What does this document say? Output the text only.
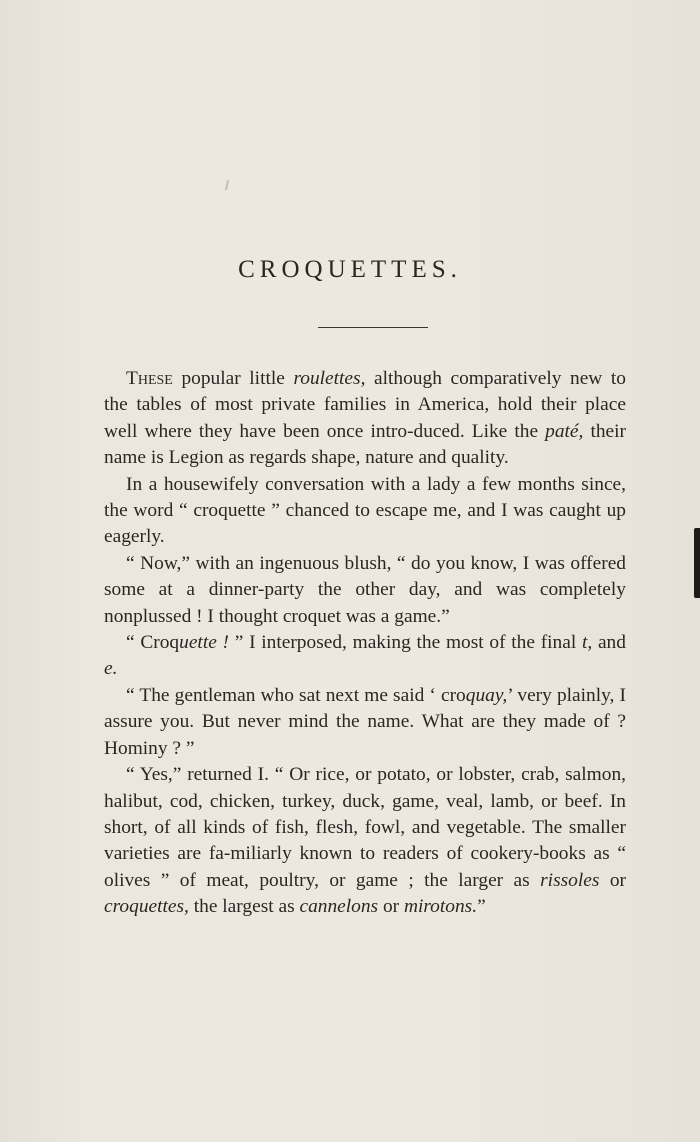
CROQUETTES.

These popular little roulettes, although comparatively new to the tables of most private families in America, hold their place well where they have been once intro-duced. Like the paté, their name is Legion as regards shape, nature and quality.

In a housewifely conversation with a lady a few months since, the word “ croquette ” chanced to escape me, and I was caught up eagerly.

“ Now,” with an ingenuous blush, “ do you know, I was offered some at a dinner-party the other day, and was completely nonplussed ! I thought croquet was a game.”

“ Croquette ! ” I interposed, making the most of the final t, and e.

“ The gentleman who sat next me said ‘ croquay,’ very plainly, I assure you. But never mind the name. What are they made of ? Hominy ? ”

“ Yes,” returned I. “ Or rice, or potato, or lobster, crab, salmon, halibut, cod, chicken, turkey, duck, game, veal, lamb, or beef. In short, of all kinds of fish, flesh, fowl, and vegetable. The smaller varieties are fa-miliarly known to readers of cookery-books as “ olives ” of meat, poultry, or game ; the larger as rissoles or croquettes, the largest as cannelons or mirotons.”
